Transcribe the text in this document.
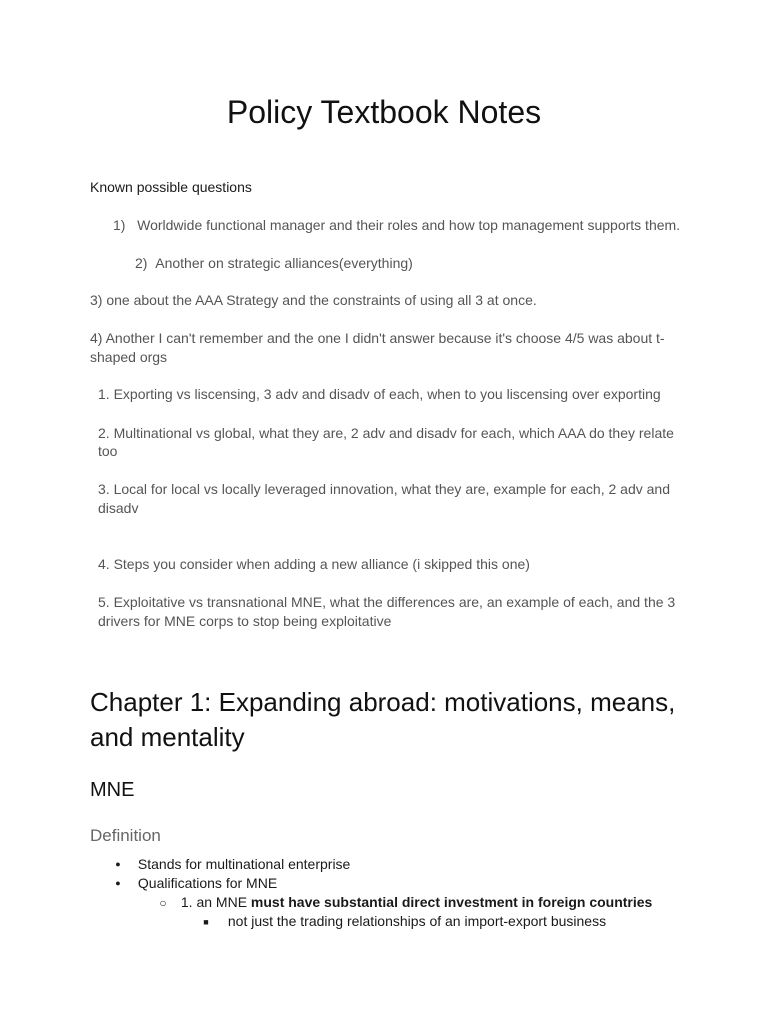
Policy Textbook Notes
Known possible questions
1) Worldwide functional manager and their roles and how top management supports them.
2) Another on strategic alliances(everything)
3) one about the AAA Strategy and the constraints of using all 3 at once.
4) Another I can't remember and the one I didn't answer because it's choose 4/5 was about t-
shaped orgs
1. Exporting vs liscensing, 3 adv and disadv of each, when to you liscensing over exporting
2. Multinational vs global, what they are, 2 adv and disadv for each, which AAA do they relate
too
3. Local for local vs locally leveraged innovation, what they are, example for each, 2 adv and
disadv
4. Steps you consider when adding a new alliance (i skipped this one)
5. Exploitative vs transnational MNE, what the differences are, an example of each, and the 3
drivers for MNE corps to stop being exploitative
Chapter 1: Expanding abroad: motivations, means,
and mentality
MNE
Definition
● Stands for multinational enterprise
● Qualifications for MNE
○ 1. an MNE must have substantial direct investment in foreign countries
■ not just the trading relationships of an import-export business
